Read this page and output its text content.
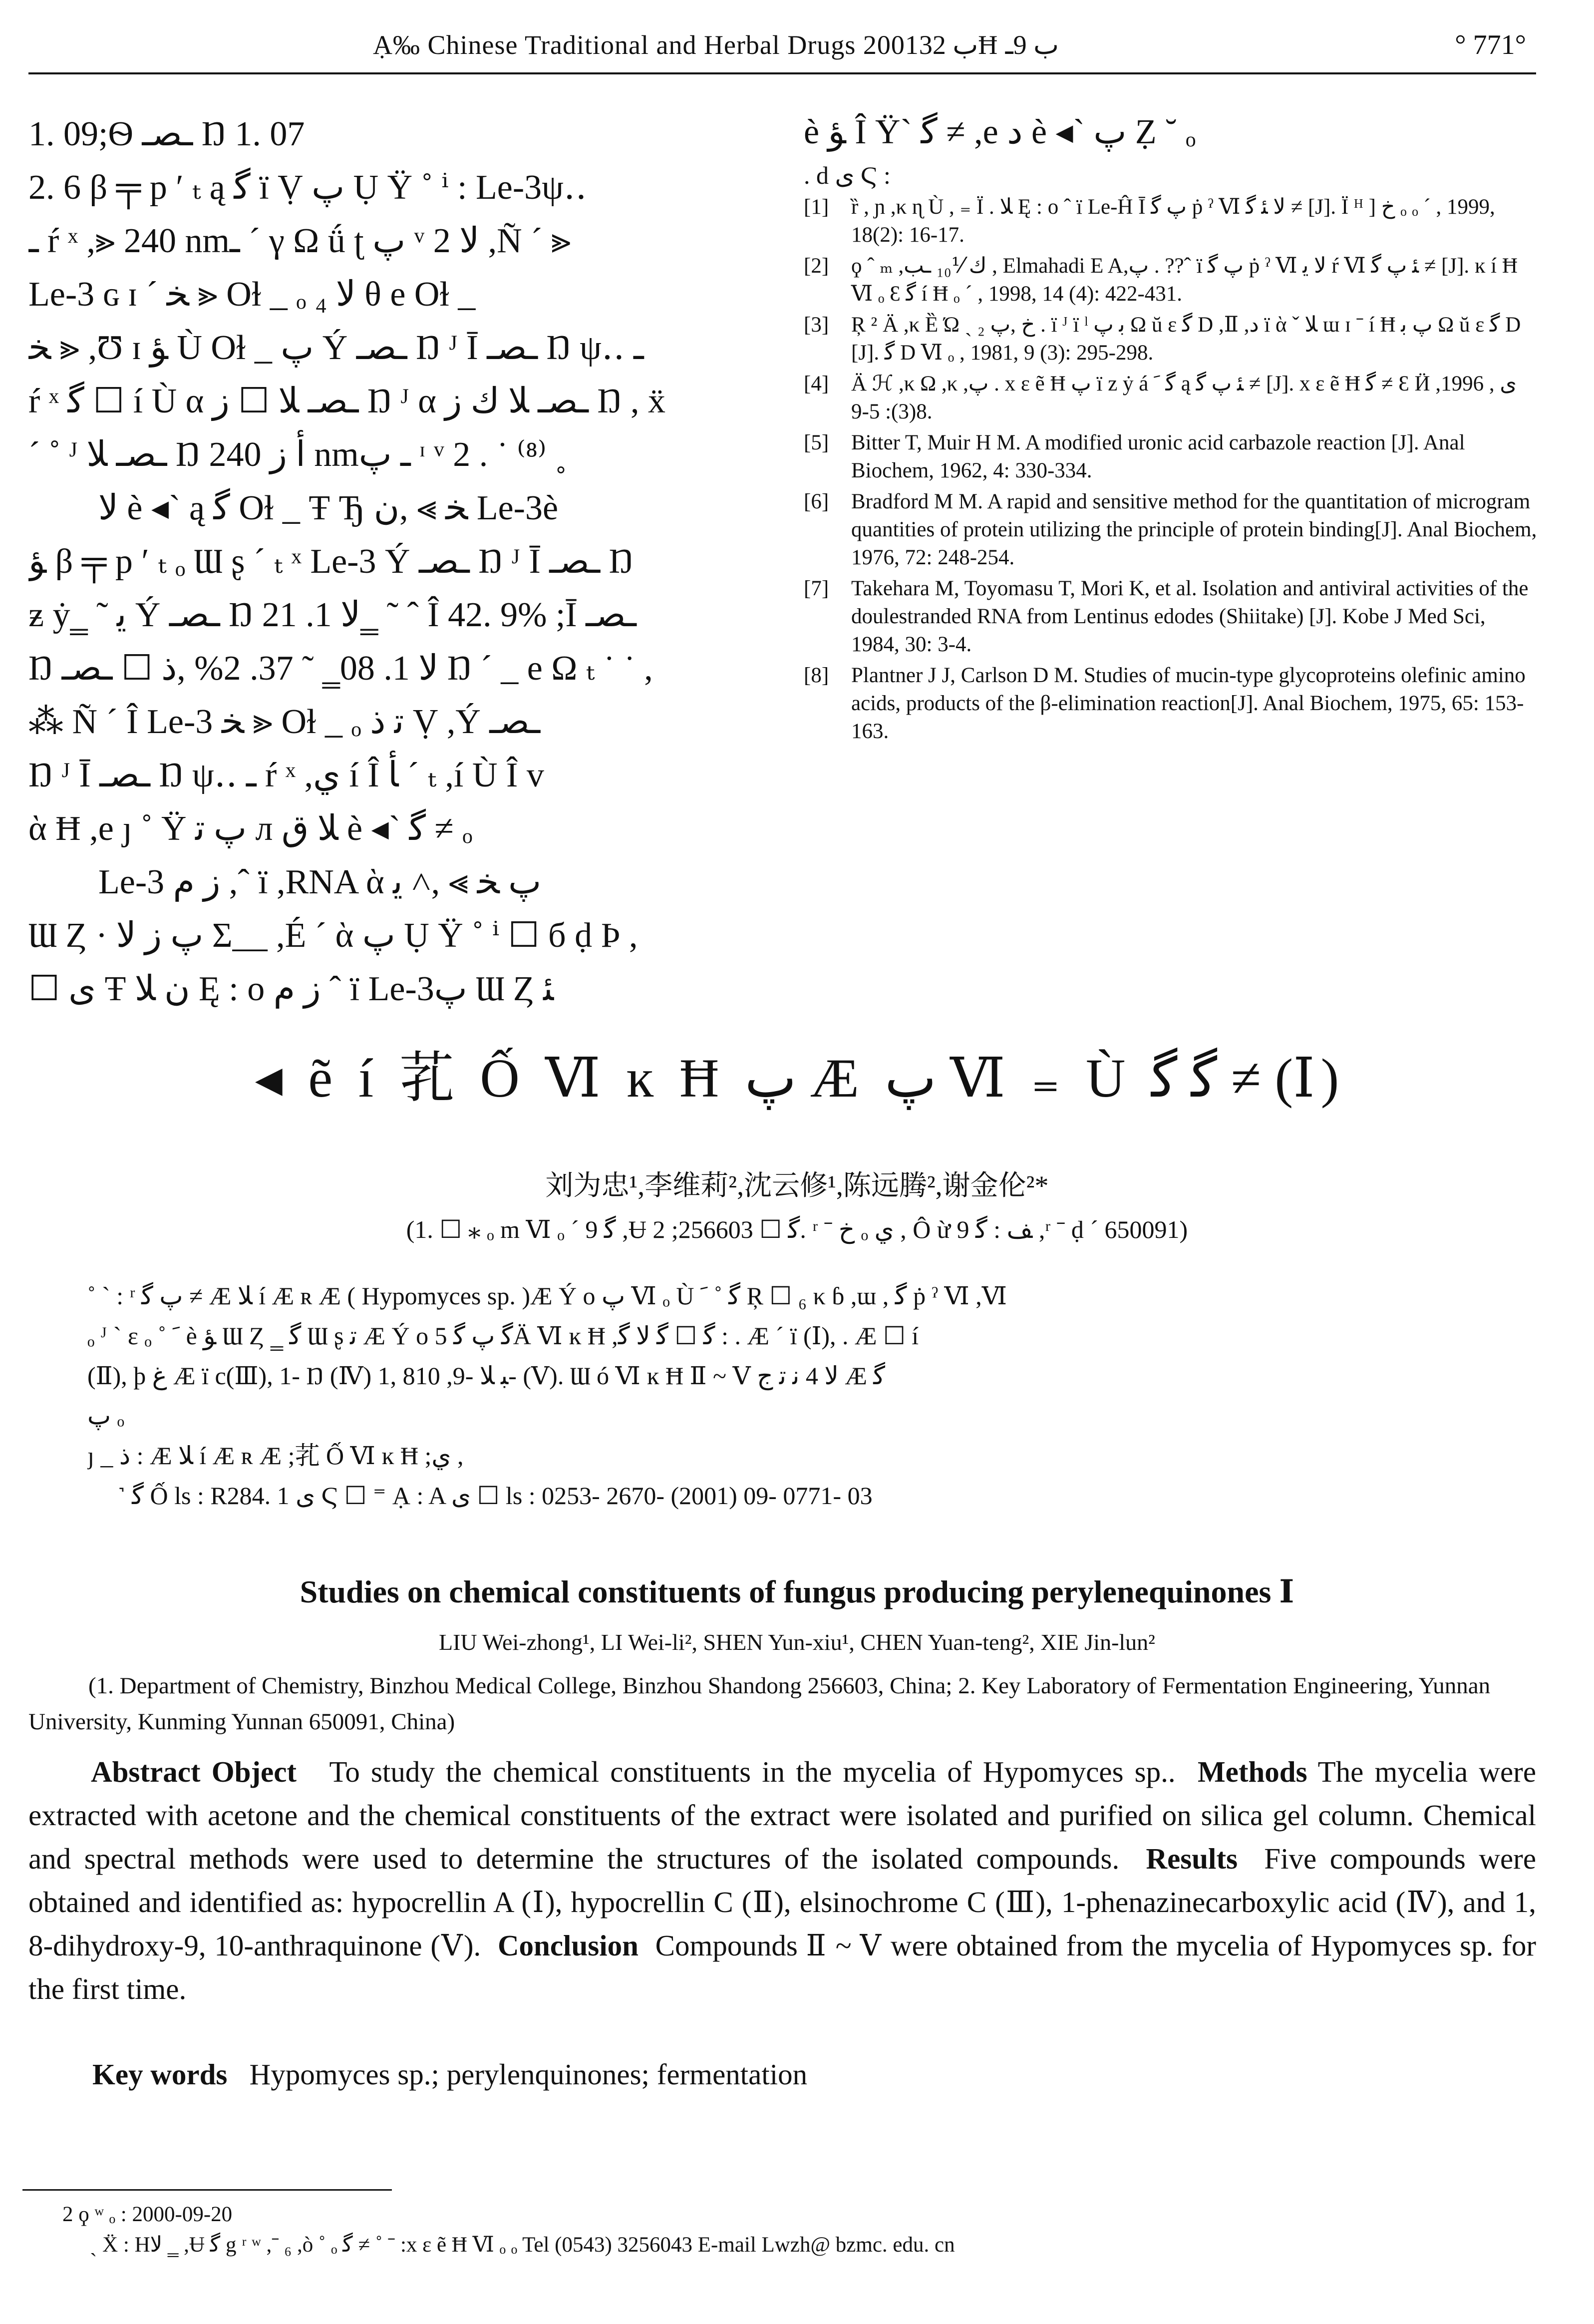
Ạ‰ Chinese Traditional and Herbal Drugs 2001ب 32Ħ ب 9ـ	° 771°
1. 09;Ѳ ـصـ Ŋ 1. 07
2. 6 β ╤ p ʹ ₜ ą ﮔ ï Ṿ پ Ụ Ÿ ˚ ⁱ : Le-3ψ‥
ـ ŕ ˣ ,⪢ 240 nmـ ˊ γ Ω ǘ ʈ پ ᵛ 2 ﻻ ,Ñ ˊ ⪢
Le-3 ɢ ɪ ˊ ﺨ ⪢ Oɫ _ ₒ ₄ ﻻ θ e Oɫ _
ﺨ ⪢ ,Ʊ ɪ ﺆ Ù Oɫ _ پ Ý ـصـ Ŋ ᴶ Ī ـصـ Ŋ ψ‥ ـ
ŕ ˣ ﮔ ☐ í Ù α ـصـ ﻼ ☐ ﺯ Ŋ ᴶ α ـصـ ﻼ ﻙ ﺯ Ŋ , ẍ
ˊ ˚ ᴶ ـصـ ﻼ Ŋ ﺃ ﺯ 240 nmـ پ ᶦ ᵛ 2 . ˙ ⁽⁸⁾ ˳
ﻻ è ◂ˋ ą ﮔ Oɫ _ Ŧ Ђ ﺨ ⪢ ,ن Le-3è
ﺆ β ╤ p ʹ ₜ ₒ Ɯ ʂ ˊ ₜ ˣ Le-3 Ý ـصـ Ŋ ᴶ Ī ـصـ Ŋ
ƶ ẏ‗ ˜ ﯾ Ý ـصـ Ŋ ﻻ 1. 21‗ ˜ ˆ Î 42. 9% ;Ī ـصـ
Ŋ ﻻ 1. 08‗ ˜ 37. 2% ,ﺫ ☐ ـصـ Ŋ ˊ _ e Ω ₜ ˙ ˙ ,
⁂ Ñ ˊ Î Le-3 ﺨ ⪢ Oɫ _ ₒ ﺗ ﺫ Ṿ ,Ý ـصـ
Ŋ ᴶ Ī ـصـ Ŋ ψ‥ ـ ŕ ˣ ,ي í Î ﺄ ˊ ₜ ,í Ù Î ᴠ
ὰ Ħ ,e ȷ ˚ Ÿ پ ﺗ л ﻼ ق è ◂ˋ ﮔ ≠ ₒ
Le-3 ﺯ ﻡ ,ˆ ï ,RNA ὰ پ ﺨ ⪢ ,˄ ﯾ
Ɯ Ȥ · پ ﺯ ﻻ Σ__ ,É ˊ ὰ پ Ụ Ÿ ˚ ⁱ ☐ б ḍ Þ ,
☐ ى Ŧ ن ﻼ Ę : o ﺯ ﻡ ˆ ï Le-3پ Ɯ Ȥ ﺌ
è ﺆ Î Ÿˋ ﮔ ≠ ,e ﺩ è ◂ˋ پ Ẓ ˘ ₒ
. d ى Ϛ :
[1]	ȑ , ɲ ,κ ɳ Ù , ₌ Ϊ . ﻼ Ę : o ˆ ï Le-Ĥ Ī پ ﮔ ṗ ˀ Ⅵ ﻻ ﺌ ﮔ ≠ [J]. Ϊ ᴴ ] ﺥ ₒ ₒ ˊ , 1999, 18(2): 16-17.
[2]	ϙ ˆ ₘ ,ﻙ ⅟₁₀ ـب , Elmahadi E A,پ‌ . ??ˆ ï پ ﮔ ṗ ˀ Ⅵ ﻻ ﯾ ŕ Ⅵ ﺌ پ ﮔ ≠ [J]. ĸ í Ħ Ⅵ ₒ Ɛ ﮔ í Ħ ₒ ˊ , 1998, 14 (4): 422-431.
[3]	Ŗ ² Ä ,κ Ȅ Ώ ˏ ₂ ﺥ ,پ‌ . ï ᴶ ï ˡ ﺑ پ Ω ŭ ε ﮔ D ,Ⅱ ,ﺩ ï ὰ ˇ ﻼ ɯ ɪ ˉ í Ħ پ ﺑ Ω ŭ ε ﮔ D [J]. ﮔ D Ⅵ ₒ , 1981, 9 (3): 295-298.
[4]	Ä ℋ ,κ Ω ,κ ,پ‌ . x ε ẽ Ħ پ ï z ẏ á ﮔ ﹶ ą ﺌ پ ﮔ ≠ [J]. x ε ẽ Ħ ﮔ ≠ Ɛ Ӥ ی , 1996, 8(3): 5-9.
[5]	Bitter T, Muir H M. A modified uronic acid carbazole reaction [J]. Anal Biochem, 1962, 4: 330-334.
[6]	Bradford M M. A rapid and sensitive method for the quantitation of microgram quantities of protein utilizing the principle of protein binding[J]. Anal Biochem, 1976, 72: 248-254.
[7]	Takehara M, Toyomasu T, Mori K, et al. Isolation and antiviral activities of the doulestranded RNA from Lentinus edodes (Shiitake) [J]. Kobe J Med Sci, 1984, 30: 3-4.
[8]	Plantner J J, Carlson D M. Studies of mucin-type glycoproteins olefinic amino acids, products of the β-elimination reaction[J]. Anal Biochem, 1975, 65: 153-163.
◂ ẽ í 芤 Ố Ⅵ ĸ Ħ پ Æ پ Ⅵ ₌ Ù ﮔ ﮔ ≠ (Ⅰ)
刘为忠¹,李维莉²,沈云修¹,陈远腾²,谢金伦²*
(1. ☐ ⁎ ₒ m Ⅵ ₒ ˊ ﮔ 9 ,Ʉ ﮔ ☐ 256603; 2. ʳ ˉ ﺥ ₒ ي , Ô ừ ﻒ : ﮔ 9 ,ʳ ˉ ḍ ˊ 650091)
˚ ˋ : ʳ پ ﮔ ≠ Æ ﻼ í Æ ʀ Æ ( Hypomyces sp. )Æ Ý o پ Ⅵ ₒ Ù ﮔ ˚ ﹶ Ŗ ☐ ₆ κ ɓ ,ɯ , ﮔ ṗ ˀ Ⅵ ,Ⅵ
ₒ ᴶ ˋ ɛ ₒ ˚ ﹶ è ﺆ Ɯ Ȥ ‗ ﮔ Ɯ ʂ ﺗ Æ Ý o ﮔ پ ﮔ 5Ä Ⅵ ĸ Ħ ,ﮔ ☐ ﮔ ﻻ ﮔ : . Æ ˊ ï (Ⅰ), . Æ ☐ í
(Ⅱ), þ ﻍ Æ ï c(Ⅲ), 1- Ŋ (Ⅳ) 1, 8ﺒ ﻼ -9, 10- (Ⅴ). Ɯ ó Ⅵ ĸ Ħ Ⅱ ~ Ⅴ ﻻ 4 ﻧ ﺗ ﺝ Æ ﮔ
پ ₒ
ȷ _ ﺫ : Æ ﻼ í Æ ʀ Æ ;芤 Ố Ⅵ ĸ Ħ ;ي ,
˺ ﮔ Ố ls : R284. 1 ى Ϛ ☐ ⁼ Ạ : A ى ☐ ls : 0253- 2670- (2001) 09- 0771- 03
Studies on chemical constituents of fungus producing perylenequinones Ⅰ
LIU Wei-zhong¹, LI Wei-li², SHEN Yun-xiu¹, CHEN Yuan-teng², XIE Jin-lun²
(1. Department of Chemistry, Binzhou Medical College, Binzhou Shandong 256603, China; 2. Key Laboratory of Fermentation Engineering, Yunnan University, Kunming Yunnan 650091, China)
Abstract Object To study the chemical constituents in the mycelia of Hypomyces sp.. Methods The mycelia were extracted with acetone and the chemical constituents of the extract were isolated and purified on silica gel column. Chemical and spectral methods were used to determine the structures of the isolated compounds. Results Five compounds were obtained and identified as: hypocrellin A (Ⅰ), hypocrellin C (Ⅱ), elsinochrome C (Ⅲ), 1-phenazinecarboxylic acid (Ⅳ), and 1, 8-dihydroxy-9, 10-anthraquinone (Ⅴ). Conclusion Compounds Ⅱ ~ Ⅴ were obtained from the mycelia of Hypomyces sp. for the first time.
Key words Hypomyces sp.; perylenquinones; fermentation
2 ϙ ʷ ₒ : 2000-09-20
ˏ Ẍ : Hﻻ ‗ ,Ʉ ﮔ g ʳ ʷ ,ˉ ₆ ,ò ˚ ₒ ﮔ ≠ ˚ ˉ :x ε ẽ Ħ Ⅵ ₒ ₒ Tel (0543) 3256043 E-mail Lwzh@ bzmc. edu. cn
